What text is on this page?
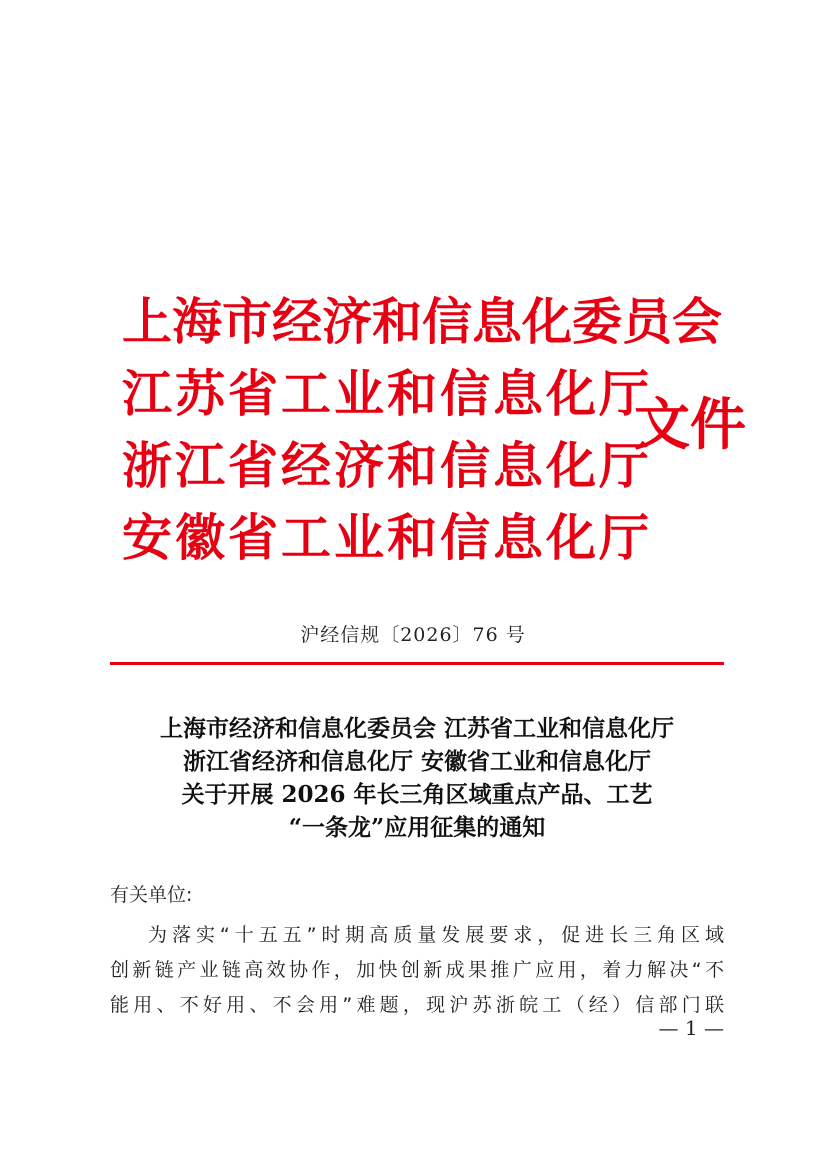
上海市经济和信息化委员会
江苏省工业和信息化厅
浙江省经济和信息化厅
安徽省工业和信息化厅
文件
沪经信规〔2026〕76 号
上海市经济和信息化委员会 江苏省工业和信息化厅
浙江省经济和信息化厅 安徽省工业和信息化厅
关于开展 2026 年长三角区域重点产品、工艺
“一条龙”应用征集的通知
有关单位:
为落实“十五五”时期高质量发展要求，促进长三角区域
创新链产业链高效协作，加快创新成果推广应用，着力解决“不
能用、不好用、不会用”难题，现沪苏浙皖工（经）信部门联
— 1 —
